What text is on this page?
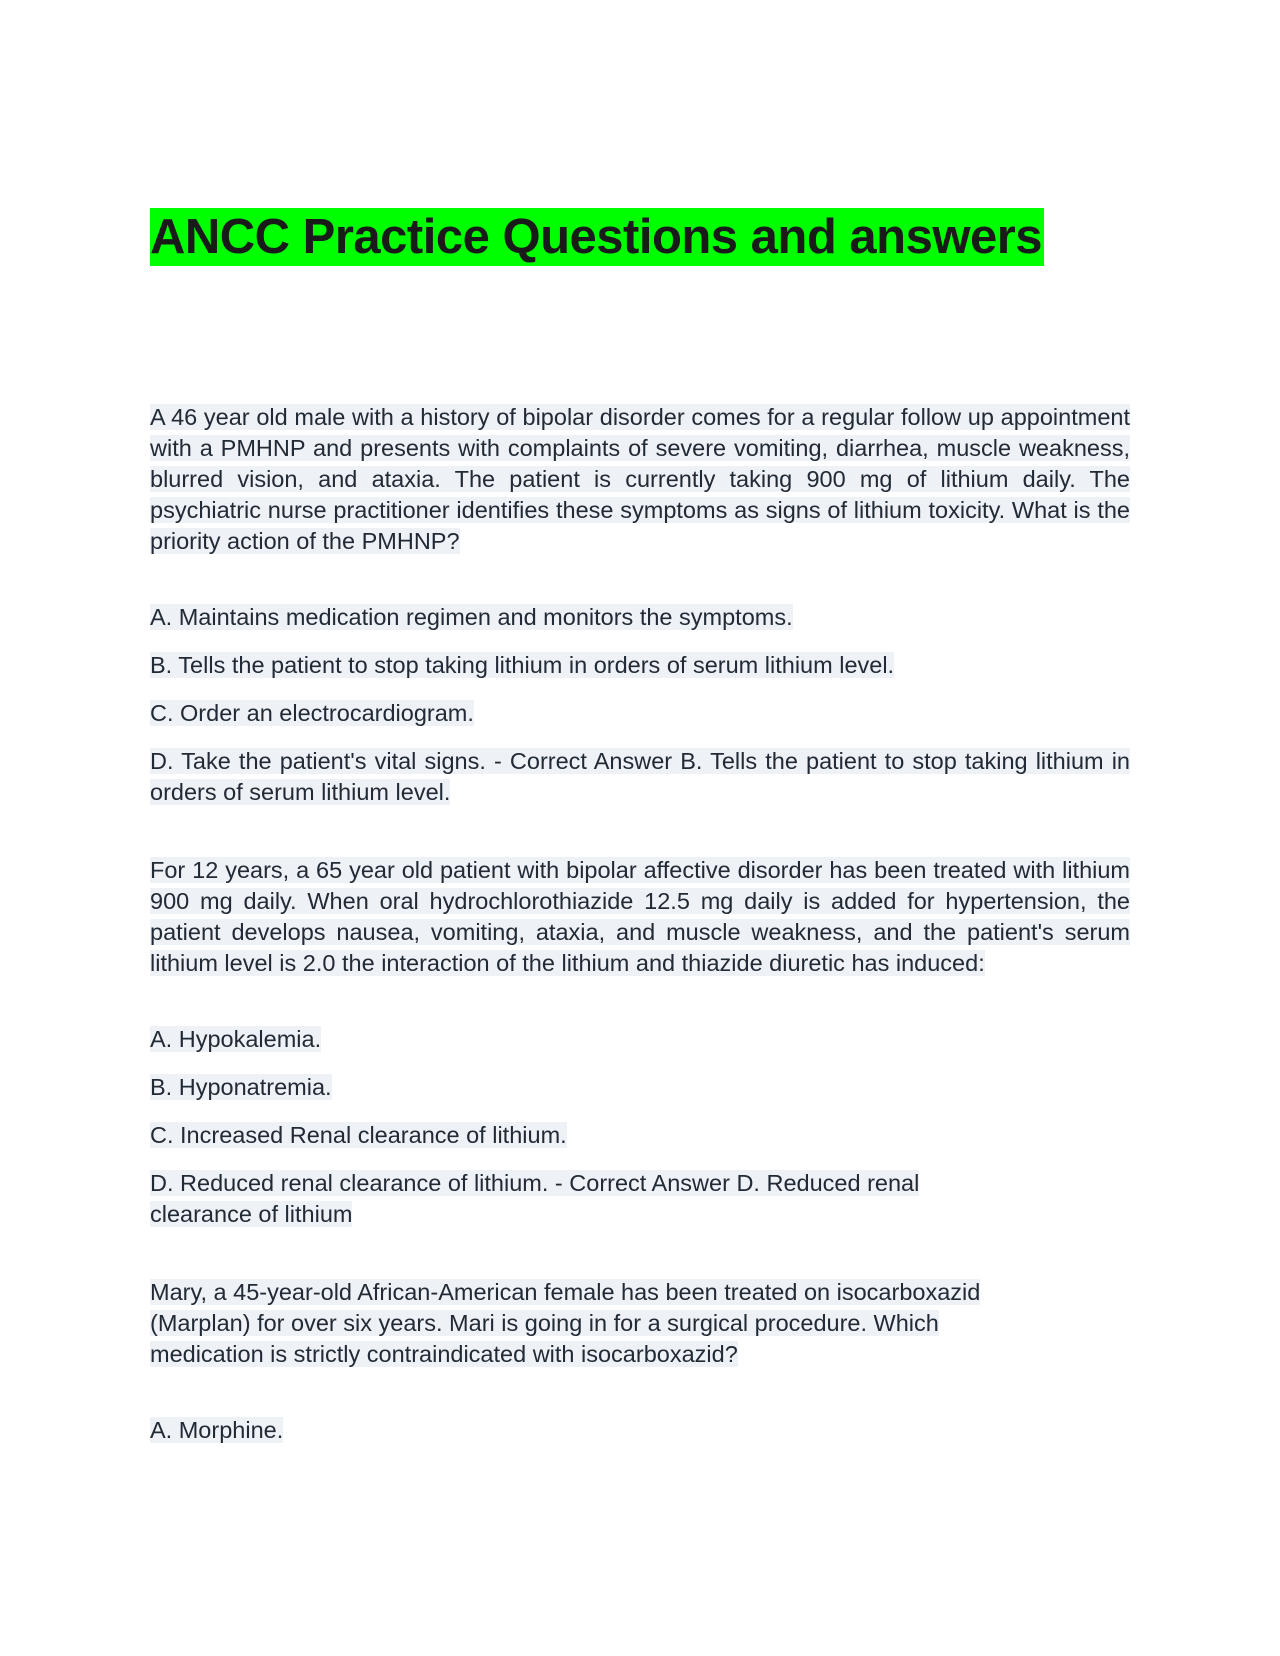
ANCC Practice Questions and answers

A 46 year old male with a history of bipolar disorder comes for a regular follow up appointment with a PMHNP and presents with complaints of severe vomiting, diarrhea, muscle weakness, blurred vision, and ataxia. The patient is currently taking 900 mg of lithium daily. The psychiatric nurse practitioner identifies these symptoms as signs of lithium toxicity. What is the priority action of the PMHNP?

A. Maintains medication regimen and monitors the symptoms.

B. Tells the patient to stop taking lithium in orders of serum lithium level.

C. Order an electrocardiogram.

D. Take the patient's vital signs. - Correct Answer B. Tells the patient to stop taking lithium in orders of serum lithium level.

For 12 years, a 65 year old patient with bipolar affective disorder has been treated with lithium 900 mg daily. When oral hydrochlorothiazide 12.5 mg daily is added for hypertension, the patient develops nausea, vomiting, ataxia, and muscle weakness, and the patient's serum lithium level is 2.0 the interaction of the lithium and thiazide diuretic has induced:

A. Hypokalemia.

B. Hyponatremia.

C. Increased Renal clearance of lithium.

D. Reduced renal clearance of lithium. - Correct Answer D. Reduced renal clearance of lithium

Mary, a 45-year-old African-American female has been treated on isocarboxazid (Marplan) for over six years. Mari is going in for a surgical procedure. Which medication is strictly contraindicated with isocarboxazid?

A. Morphine.
